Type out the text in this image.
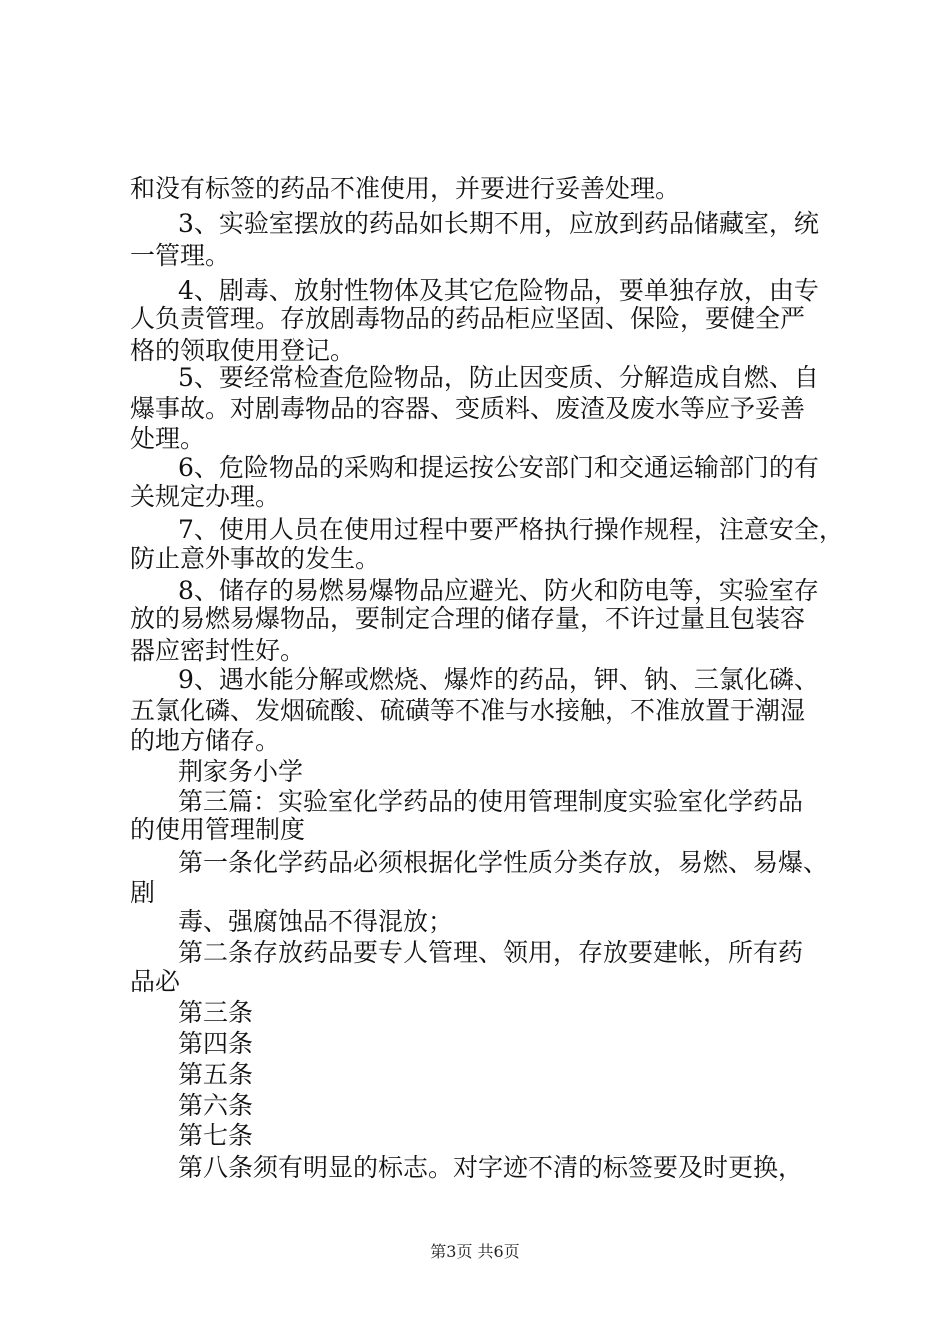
和没有标签的药品不准使用，并要进行妥善处理。
3、实验室摆放的药品如长期不用，应放到药品储藏室，统
一管理。
4、剧毒、放射性物体及其它危险物品，要单独存放，由专
人负责管理。存放剧毒物品的药品柜应坚固、保险，要健全严
格的领取使用登记。
5、要经常检查危险物品，防止因变质、分解造成自燃、自
爆事故。对剧毒物品的容器、变质料、废渣及废水等应予妥善
处理。
6、危险物品的采购和提运按公安部门和交通运输部门的有
关规定办理。
7、使用人员在使用过程中要严格执行操作规程，注意安全，
防止意外事故的发生。
8、储存的易燃易爆物品应避光、防火和防电等，实验室存
放的易燃易爆物品，要制定合理的储存量，不许过量且包装容
器应密封性好。
9、遇水能分解或燃烧、爆炸的药品，钾、钠、三氯化磷、
五氯化磷、发烟硫酸、硫磺等不准与水接触，不准放置于潮湿
的地方储存。
荆家务小学
第三篇：实验室化学药品的使用管理制度实验室化学药品
的使用管理制度
第一条化学药品必须根据化学性质分类存放，易燃、易爆、
剧
毒、强腐蚀品不得混放；
第二条存放药品要专人管理、领用，存放要建帐，所有药
品必
第三条
第四条
第五条
第六条
第七条
第八条须有明显的标志。对字迹不清的标签要及时更换，
第3页 共6页
